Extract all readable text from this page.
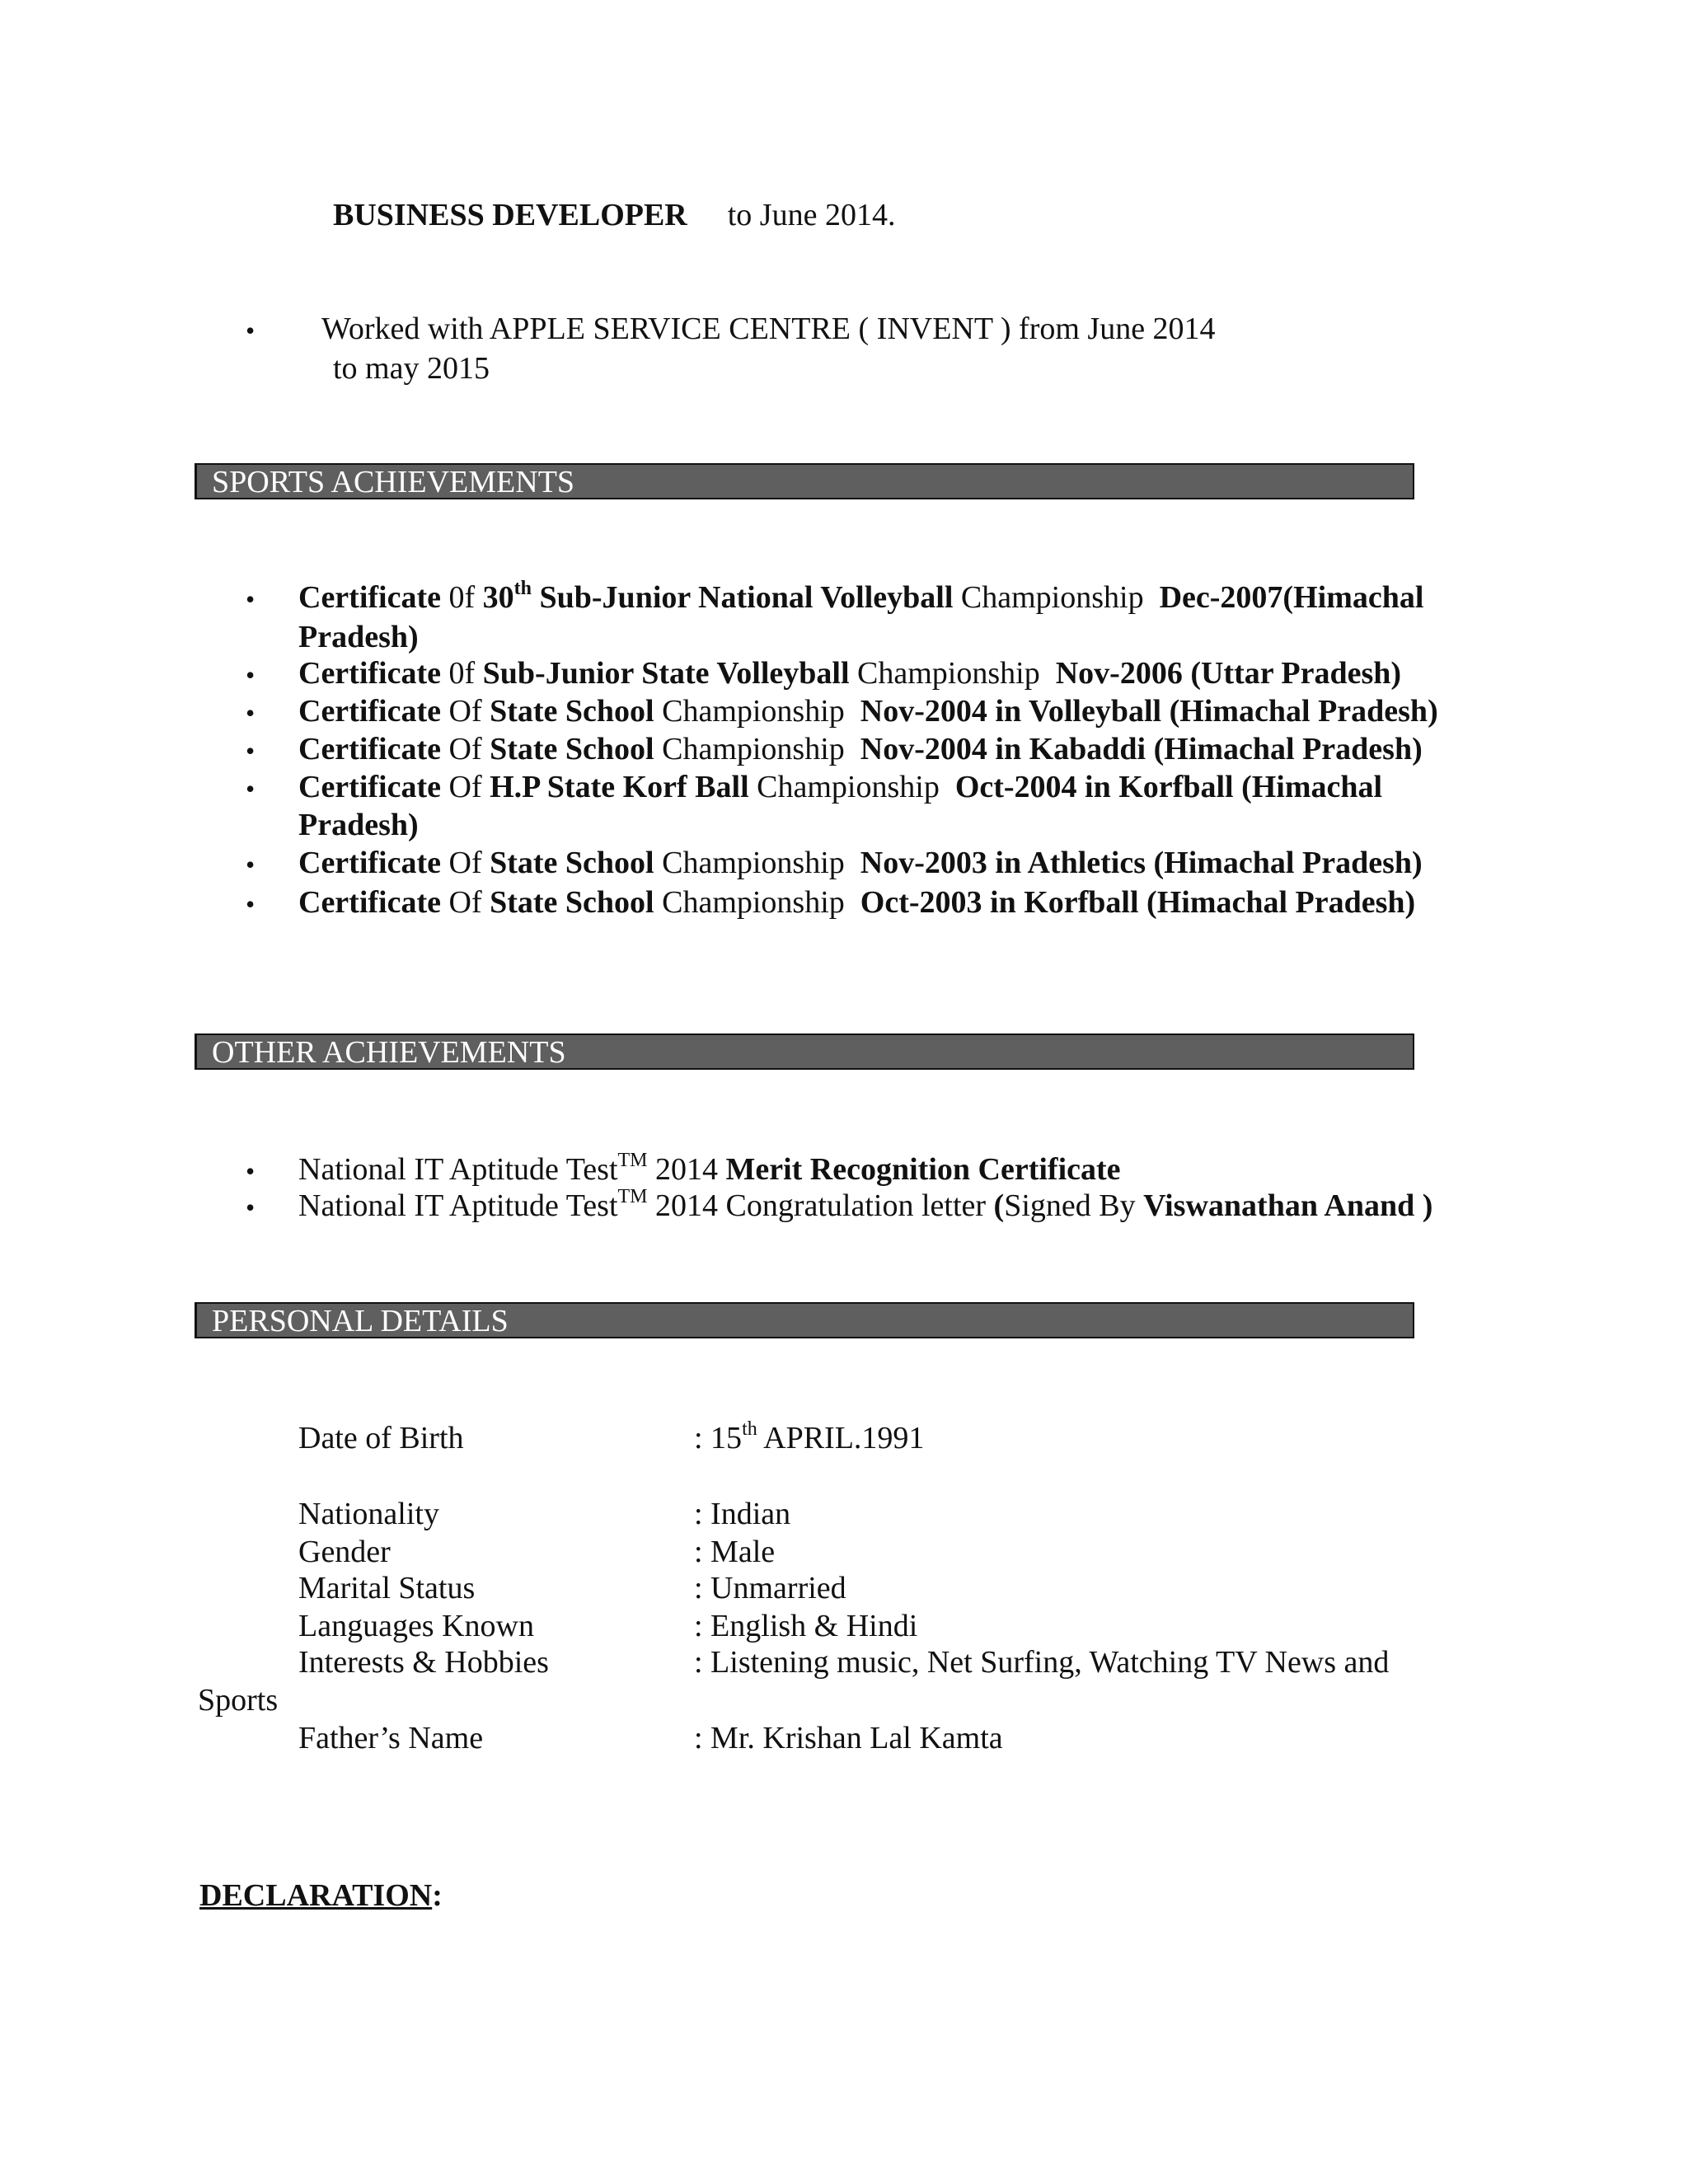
BUSINESS DEVELOPER to June 2014.
• Worked with APPLE SERVICE CENTRE ( INVENT ) from June 2014
to may 2015
SPORTS ACHIEVEMENTS
• Certificate 0f 30th Sub-Junior National Volleyball Championship  Dec-2007(Himachal
Pradesh)
• Certificate 0f Sub-Junior State Volleyball Championship  Nov-2006 (Uttar Pradesh)
• Certificate Of State School Championship  Nov-2004 in Volleyball (Himachal Pradesh)
• Certificate Of State School Championship  Nov-2004 in Kabaddi (Himachal Pradesh)
• Certificate Of H.P State Korf Ball Championship  Oct-2004 in Korfball (Himachal
Pradesh)
• Certificate Of State School Championship  Nov-2003 in Athletics (Himachal Pradesh)
• Certificate Of State School Championship  Oct-2003 in Korfball (Himachal Pradesh)
OTHER ACHIEVEMENTS
• National IT Aptitude Test™ 2014 Merit Recognition Certificate
• National IT Aptitude Test™ 2014 Congratulation letter (Signed By Viswanathan Anand )
PERSONAL DETAILS
Date of Birth	: 15th APRIL.1991
Nationality	: Indian
Gender	: Male
Marital Status	: Unmarried
Languages Known	: English & Hindi
Interests & Hobbies	: Listening music, Net Surfing, Watching TV News and
Sports
Father’s Name	: Mr. Krishan Lal Kamta
DECLARATION:
